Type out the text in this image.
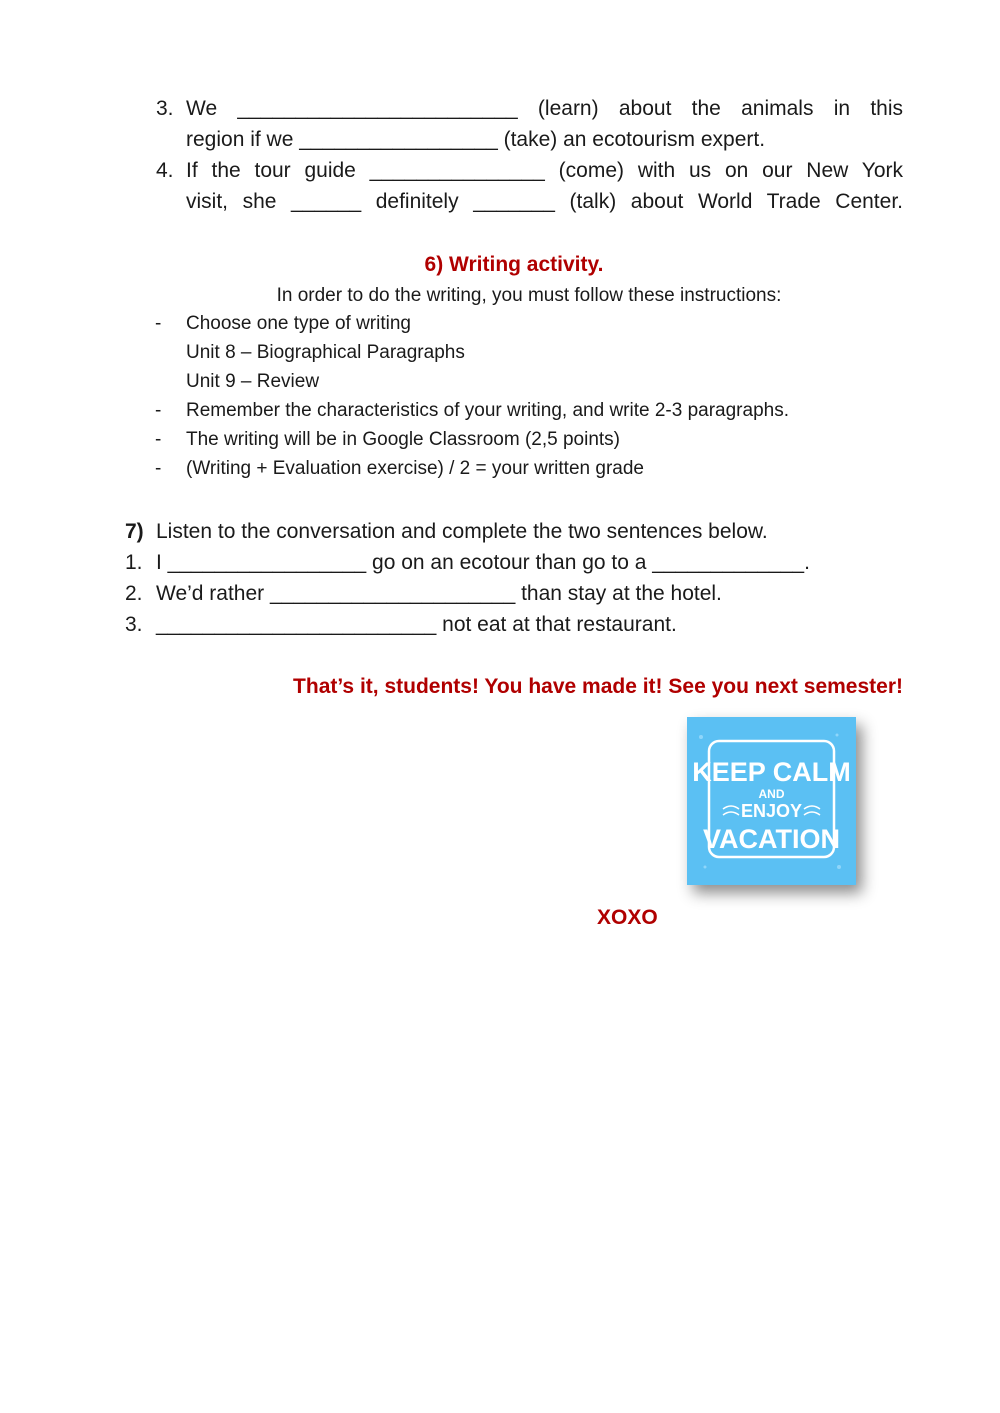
3. We ________________________ (learn) about the animals in this
region if we _________________ (take) an ecotourism expert.
4. If the tour guide _______________ (come) with us on our New York
visit, she ______ definitely _______ (talk) about World Trade Center.
6) Writing activity.
In order to do the writing, you must follow these instructions:
- Choose one type of writing
Unit 8 – Biographical Paragraphs
Unit 9 – Review
- Remember the characteristics of your writing, and write 2-3 paragraphs.
- The writing will be in Google Classroom (2,5 points)
- (Writing + Evaluation exercise) / 2 = your written grade
7) Listen to the conversation and complete the two sentences below.
1. I _________________ go on an ecotour than go to a _____________.
2. We’d rather _____________________ than stay at the hotel.
3. ________________________ not eat at that restaurant.
That’s it, students! You have made it! See you next semester!
KEEP CALM
AND
ENJOY
VACATION
XOXO
